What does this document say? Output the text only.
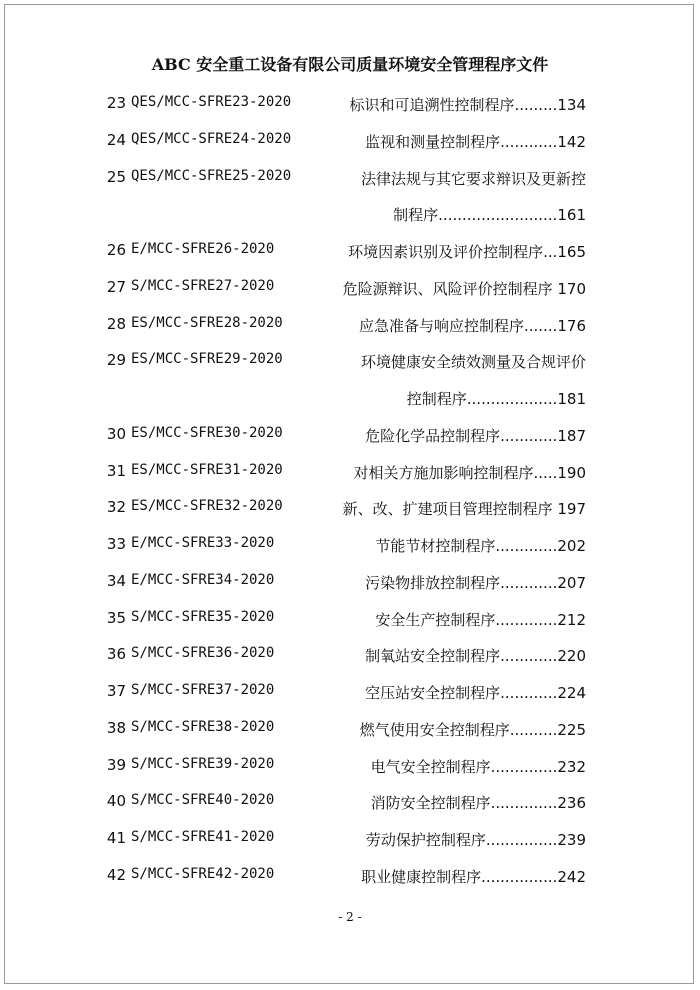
ABC 安全重工设备有限公司质量环境安全管理程序文件
23 QES/MCC-SFRE23-2020	标识和可追溯性控制程序.........134
24 QES/MCC-SFRE24-2020	监视和测量控制程序............142
25 QES/MCC-SFRE25-2020	法律法规与其它要求辩识及更新控
制程序.........................161
26 E/MCC-SFRE26-2020	环境因素识别及评价控制程序...165
27 S/MCC-SFRE27-2020	危险源辩识、风险评价控制程序 170
28 ES/MCC-SFRE28-2020	应急准备与响应控制程序.......176
29 ES/MCC-SFRE29-2020	环境健康安全绩效测量及合规评价
控制程序...................181
30 ES/MCC-SFRE30-2020	危险化学品控制程序............187
31 ES/MCC-SFRE31-2020	对相关方施加影响控制程序.....190
32 ES/MCC-SFRE32-2020	新、改、扩建项目管理控制程序 197
33 E/MCC-SFRE33-2020	节能节材控制程序.............202
34 E/MCC-SFRE34-2020	污染物排放控制程序............207
35 S/MCC-SFRE35-2020	安全生产控制程序.............212
36 S/MCC-SFRE36-2020	制氧站安全控制程序............220
37 S/MCC-SFRE37-2020	空压站安全控制程序............224
38 S/MCC-SFRE38-2020	燃气使用安全控制程序..........225
39 S/MCC-SFRE39-2020	电气安全控制程序..............232
40 S/MCC-SFRE40-2020	消防安全控制程序..............236
41 S/MCC-SFRE41-2020	劳动保护控制程序...............239
42 S/MCC-SFRE42-2020	职业健康控制程序................242
- 2 -
